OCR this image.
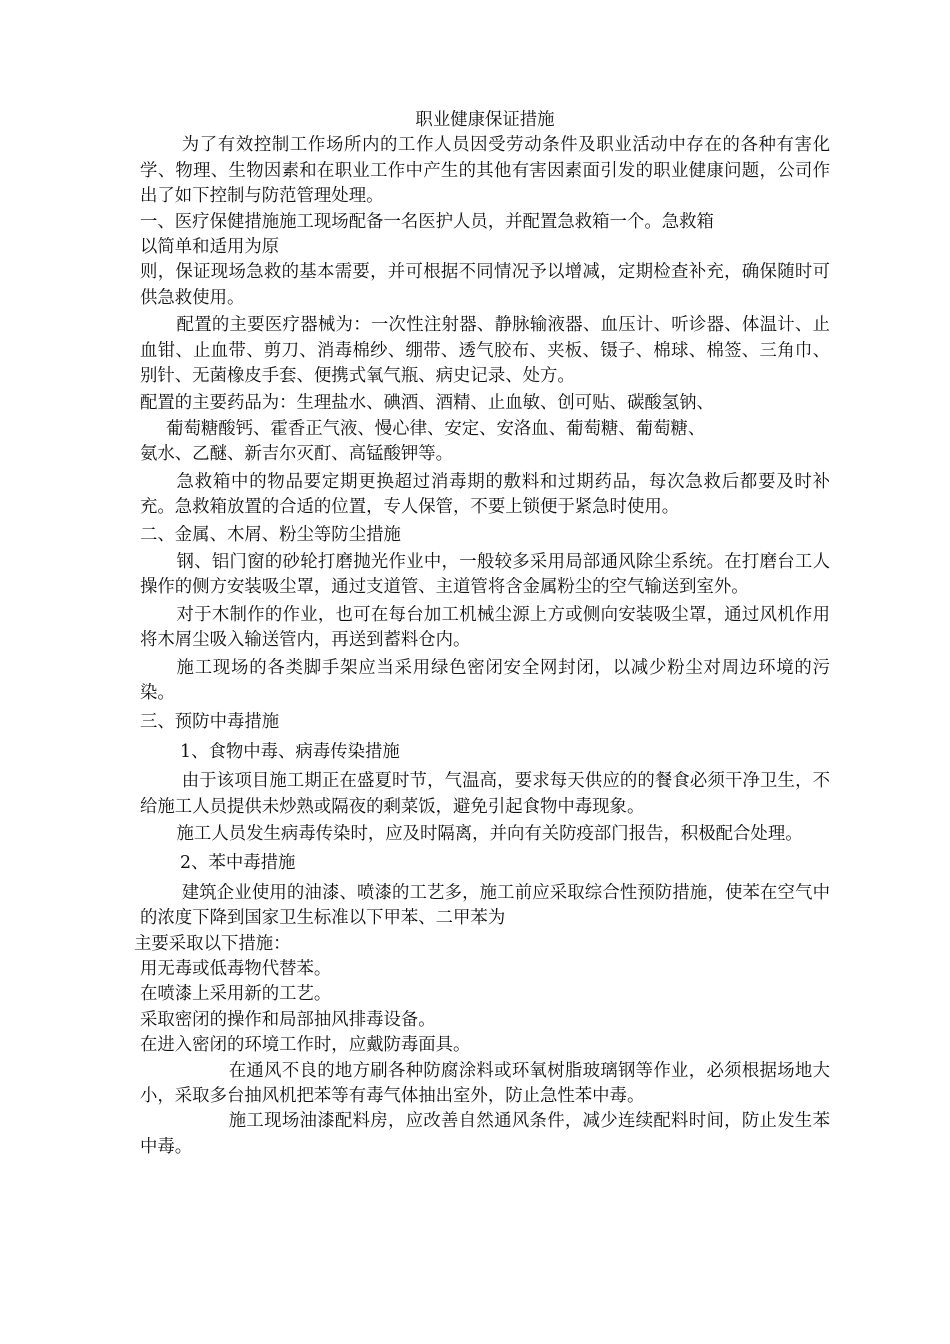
职业健康保证措施

为了有效控制工作场所内的工作人员因受劳动条件及职业活动中存在的各种有害化学、物理、生物因素和在职业工作中产生的其他有害因素面引发的职业健康问题，公司作出了如下控制与防范管理处理。

一、医疗保健措施施工现场配备一名医护人员，并配置急救箱一个。急救箱

以简单和适用为原

则，保证现场急救的基本需要，并可根据不同情况予以增减，定期检查补充，确保随时可供急救使用。

配置的主要医疗器械为：一次性注射器、静脉输液器、血压计、听诊器、体温计、止血钳、止血带、剪刀、消毒棉纱、绷带、透气胶布、夹板、镊子、棉球、棉签、三角巾、别针、无菌橡皮手套、便携式氧气瓶、病史记录、处方。

配置的主要药品为：生理盐水、碘酒、酒精、止血敏、创可贴、碳酸氢钠、

葡萄糖酸钙、霍香正气液、慢心律、安定、安洛血、葡萄糖、葡萄糖、

氨水、乙醚、新吉尔灭酊、高锰酸钾等。

急救箱中的物品要定期更换超过消毒期的敷料和过期药品，每次急救后都要及时补充。急救箱放置的合适的位置，专人保管，不要上锁便于紧急时使用。

二、金属、木屑、粉尘等防尘措施

钢、铝门窗的砂轮打磨抛光作业中，一般较多采用局部通风除尘系统。在打磨台工人操作的侧方安装吸尘罩，通过支道管、主道管将含金属粉尘的空气输送到室外。

对于木制作的作业，也可在每台加工机械尘源上方或侧向安装吸尘罩，通过风机作用将木屑尘吸入输送管内，再送到蓄料仓内。

施工现场的各类脚手架应当采用绿色密闭安全网封闭，以减少粉尘对周边环境的污染。

三、预防中毒措施

1、食物中毒、病毒传染措施

由于该项目施工期正在盛夏时节，气温高，要求每天供应的的餐食必须干净卫生，不给施工人员提供未炒熟或隔夜的剩菜饭，避免引起食物中毒现象。

施工人员发生病毒传染时，应及时隔离，并向有关防疫部门报告，积极配合处理。

2、苯中毒措施

建筑企业使用的油漆、喷漆的工艺多，施工前应采取综合性预防措施，使苯在空气中的浓度下降到国家卫生标准以下甲苯、二甲苯为

主要采取以下措施：

用无毒或低毒物代替苯。

在喷漆上采用新的工艺。

采取密闭的操作和局部抽风排毒设备。

在进入密闭的环境工作时，应戴防毒面具。

在通风不良的地方刷各种防腐涂料或环氧树脂玻璃钢等作业，必须根据场地大小，采取多台抽风机把苯等有毒气体抽出室外，防止急性苯中毒。

施工现场油漆配料房，应改善自然通风条件，减少连续配料时间，防止发生苯中毒。
